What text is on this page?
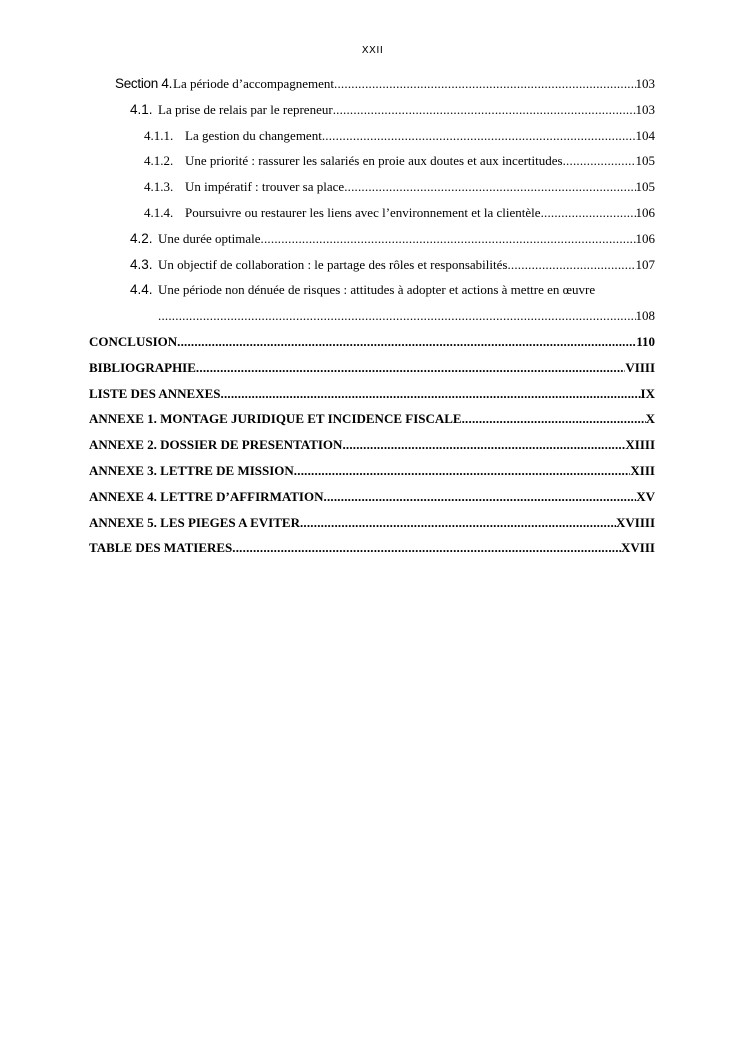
XXII
Section 4. La période d’accompagnement .....	103
4.1. La prise de relais par le repreneur .....	103
4.1.1. La gestion du changement .....	104
4.1.2. Une priorité : rassurer les salariés en proie aux doutes et aux incertitudes .....	105
4.1.3. Un impératif : trouver sa place .....	105
4.1.4. Poursuivre ou restaurer les liens avec l’environnement et la clientèle .....	106
4.2. Une durée optimale .....	106
4.3. Un objectif de collaboration : le partage des rôles et responsabilités .....	107
4.4. Une période non dénuée de risques : attitudes à adopter et actions à mettre en œuvre
.....
108
CONCLUSION .....	110
BIBLIOGRAPHIE .....	VIIII
LISTE DES ANNEXES .....	IX
ANNEXE 1. MONTAGE JURIDIQUE ET INCIDENCE FISCALE .....	X
ANNEXE 2. DOSSIER DE PRESENTATION .....	XIIII
ANNEXE 3. LETTRE DE MISSION .....	XIII
ANNEXE 4. LETTRE D’AFFIRMATION .....	XV
ANNEXE 5. LES PIEGES A EVITER .....	XVIIII
TABLE DES MATIERES .....	XVIII
